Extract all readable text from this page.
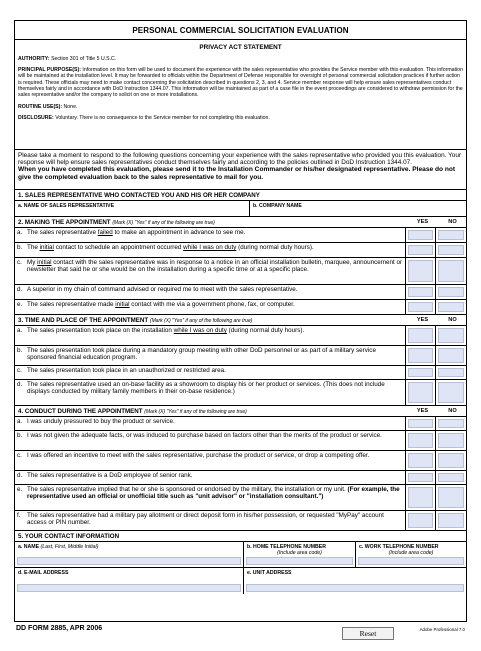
PERSONAL COMMERCIAL SOLICITATION EVALUATION
PRIVACY ACT STATEMENT

AUTHORITY: Section 301 of Title 5 U.S.C.

PRINCIPAL PURPOSE(S): Information on this form will be used to document the experience with the sales representative who provides the Service member with this evaluation. This information will be maintained at the installation level. It may be forwarded to officials within the Department of Defense responsible for oversight of personal commercial solicitation practices if further action is required. These officials may need to make contact concerning the solicitation described in questions 2, 3, and 4. Service member response will help ensure sales representatives conduct themselves fairly and in accordance with DoD Instruction 1344.07. This information will be maintained as part of a case file in the event proceedings are considered to withdraw permission for the sales representative and/or the company to solicit on one or more installations.

ROUTINE USE(S): None.

DISCLOSURE: Voluntary. There is no consequence to the Service member for not completing this evaluation.

Please take a moment to respond to the following questions concerning your experience with the sales representative who provided you this evaluation. Your response will help ensure sales representatives conduct themselves fairly and according to the policies outlined in DoD Instruction 1344.07.
When you have completed this evaluation, please send it to the Installation Commander or his/her designated representative. Please do not give the completed evaluation back to the sales representative to mail for you.
1. SALES REPRESENTATIVE WHO CONTACTED YOU AND HIS OR HER COMPANY
a. NAME OF SALES REPRESENTATIVE	b. COMPANY NAME
2. MAKING THE APPOINTMENT (Mark (X) "Yes" if any of the following are true)	YES	NO
a. The sales representative failed to make an appointment in advance to see me.
b. The initial contact to schedule an appointment occurred while I was on duty (during normal duty hours).
c. My initial contact with the sales representative was in response to a notice in an official installation bulletin, marquee, announcement or newsletter that said he or she would be on the installation during a specific time or at a specific place.
d. A superior in my chain of command advised or required me to meet with the sales representative.
e. The sales representative made initial contact with me via a government phone, fax, or computer.
3. TIME AND PLACE OF THE APPOINTMENT (Mark (X) "Yes" if any of the following are true)	YES	NO
a. The sales presentation took place on the installation while I was on duty (during normal duty hours).
b. The sales presentation took place during a mandatory group meeting with other DoD personnel or as part of a military service sponsored financial education program.
c. The sales presentation took place in an unauthorized or restricted area.
d. The sales representative used an on-base facility as a showroom to display his or her product or services. (This does not include displays conducted by military family members in their on-base residence.)
4. CONDUCT DURING THE APPOINTMENT (Mark (X) "Yes" if any of the following are true)	YES	NO
a. I was unduly pressured to buy the product or service.
b. I was not given the adequate facts, or was induced to purchase based on factors other than the merits of the product or service.
c. I was offered an incentive to meet with the sales representative, purchase the product or service, or drop a competing offer.
d. The sales representative is a DoD employee of senior rank.
e. The sales representative implied that he or she is sponsored or endorsed by the military, the installation or my unit. (For example, the representative used an official or unofficial title such as "unit advisor" or "installation consultant.")
f. The sales representative had a military pay allotment or direct deposit form in his/her possession, or requested "MyPay" account access or PIN number.
5. YOUR CONTACT INFORMATION
a. NAME (Last, First, Middle Initial)	b. HOME TELEPHONE NUMBER
(Include area code)
c. WORK TELEPHONE NUMBER
(Include area code)
d. E-MAIL ADDRESS	e. UNIT ADDRESS
DD FORM 2885, APR 2006
Reset	Adobe Professional 7.0
